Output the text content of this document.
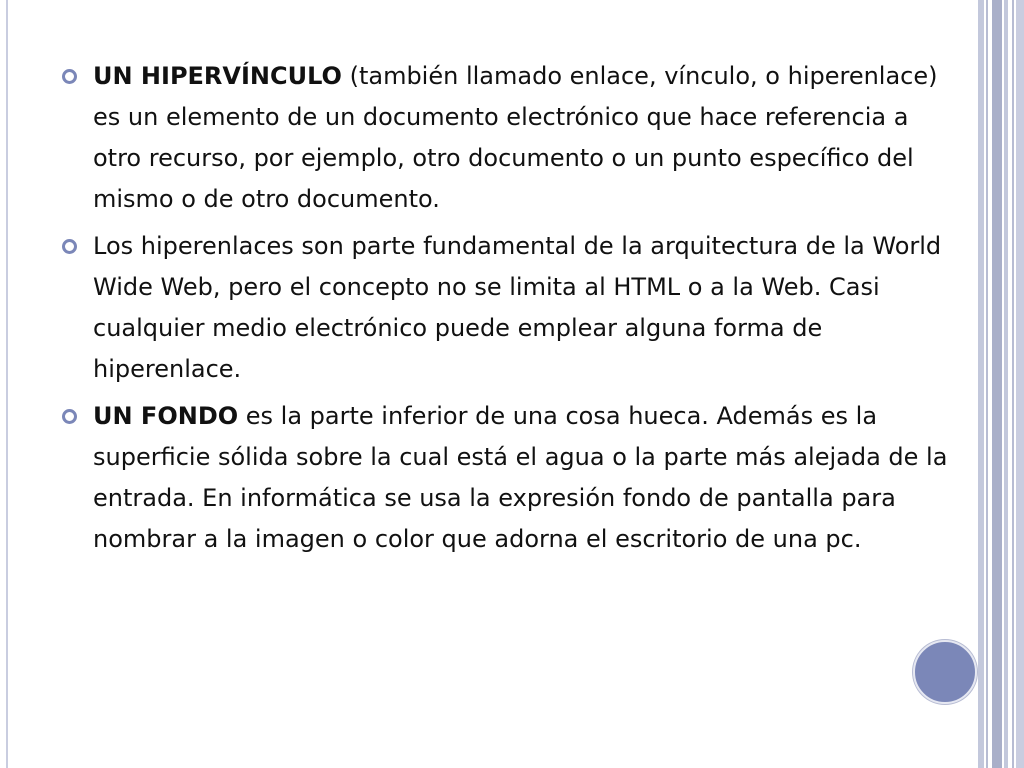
UN HIPERVÍNCULO (también llamado enlace, vínculo, o hiperenlace) es un elemento de un documento electrónico que hace referencia a otro recurso, por ejemplo, otro documento o un punto específico del mismo o de otro documento.
Los hiperenlaces son parte fundamental de la arquitectura de la World Wide Web, pero el concepto no se limita al HTML o a la Web. Casi cualquier medio electrónico puede emplear alguna forma de hiperenlace.
UN FONDO es la parte inferior de una cosa hueca. Además es la superficie sólida sobre la cual está el agua o la parte más alejada de la entrada. En informática se usa la expresión fondo de pantalla para nombrar a la imagen o color que adorna el escritorio de una pc.
